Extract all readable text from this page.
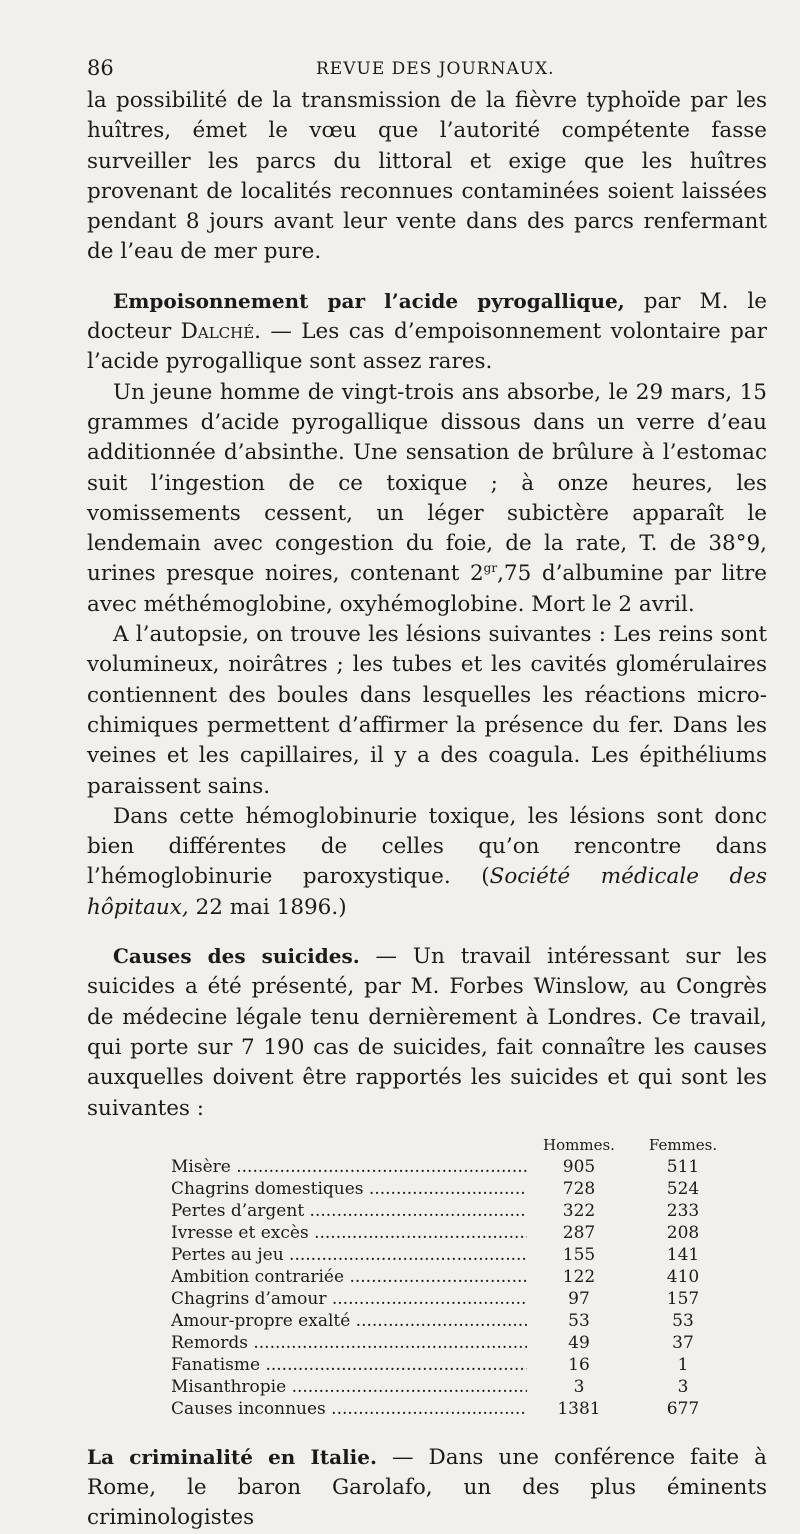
86	REVUE DES JOURNAUX.

la possibilité de la transmission de la fièvre typhoïde par les huîtres, émet le vœu que l’autorité compétente fasse surveiller les parcs du littoral et exige que les huîtres provenant de localités reconnues contaminées soient laissées pendant 8 jours avant leur vente dans des parcs renfermant de l’eau de mer pure.

Empoisonnement par l’acide pyrogallique, par M. le docteur Dalché. — Les cas d’empoisonnement volontaire par l’acide pyrogallique sont assez rares.

Un jeune homme de vingt-trois ans absorbe, le 29 mars, 15 grammes d’acide pyrogallique dissous dans un verre d’eau additionnée d’absinthe. Une sensation de brûlure à l’estomac suit l’ingestion de ce toxique ; à onze heures, les vomissements cessent, un léger subictère apparaît le lendemain avec congestion du foie, de la rate, T. de 38°9, urines presque noires, contenant $2^{gr},75$ d’albumine par litre avec méthémoglobine, oxyhémoglobine. Mort le 2 avril.

A l’autopsie, on trouve les lésions suivantes : Les reins sont volumineux, noirâtres ; les tubes et les cavités glomérulaires contiennent des boules dans lesquelles les réactions micro-chimiques permettent d’affirmer la présence du fer. Dans les veines et les capillaires, il y a des coagula. Les épithéliums paraissent sains.

Dans cette hémoglobinurie toxique, les lésions sont donc bien différentes de celles qu’on rencontre dans l’hémoglobinurie paroxystique. (Société médicale des hôpitaux, 22 mai 1896.)

Causes des suicides. — Un travail intéressant sur les suicides a été présenté, par M. Forbes Winslow, au Congrès de médecine légale tenu dernièrement à Londres. Ce travail, qui porte sur 7 190 cas de suicides, fait connaître les causes auxquelles doivent être rapportés les suicides et qui sont les suivantes :

Hommes.	Femmes.
Misère .....	905	511
Chagrins domestiques .....	728	524
Pertes d’argent .....	322	233
Ivresse et excès .....	287	208
Pertes au jeu .....	155	141
Ambition contrariée .....	122	410
Chagrins d’amour .....	97	157
Amour-propre exalté .....	53	53
Remords .....	49	37
Fanatisme .....	16	1
Misanthropie .....	3	3
Causes inconnues .....	1381	677

La criminalité en Italie. — Dans une conférence faite à Rome, le baron Garolafo, un des plus éminents criminologistes
